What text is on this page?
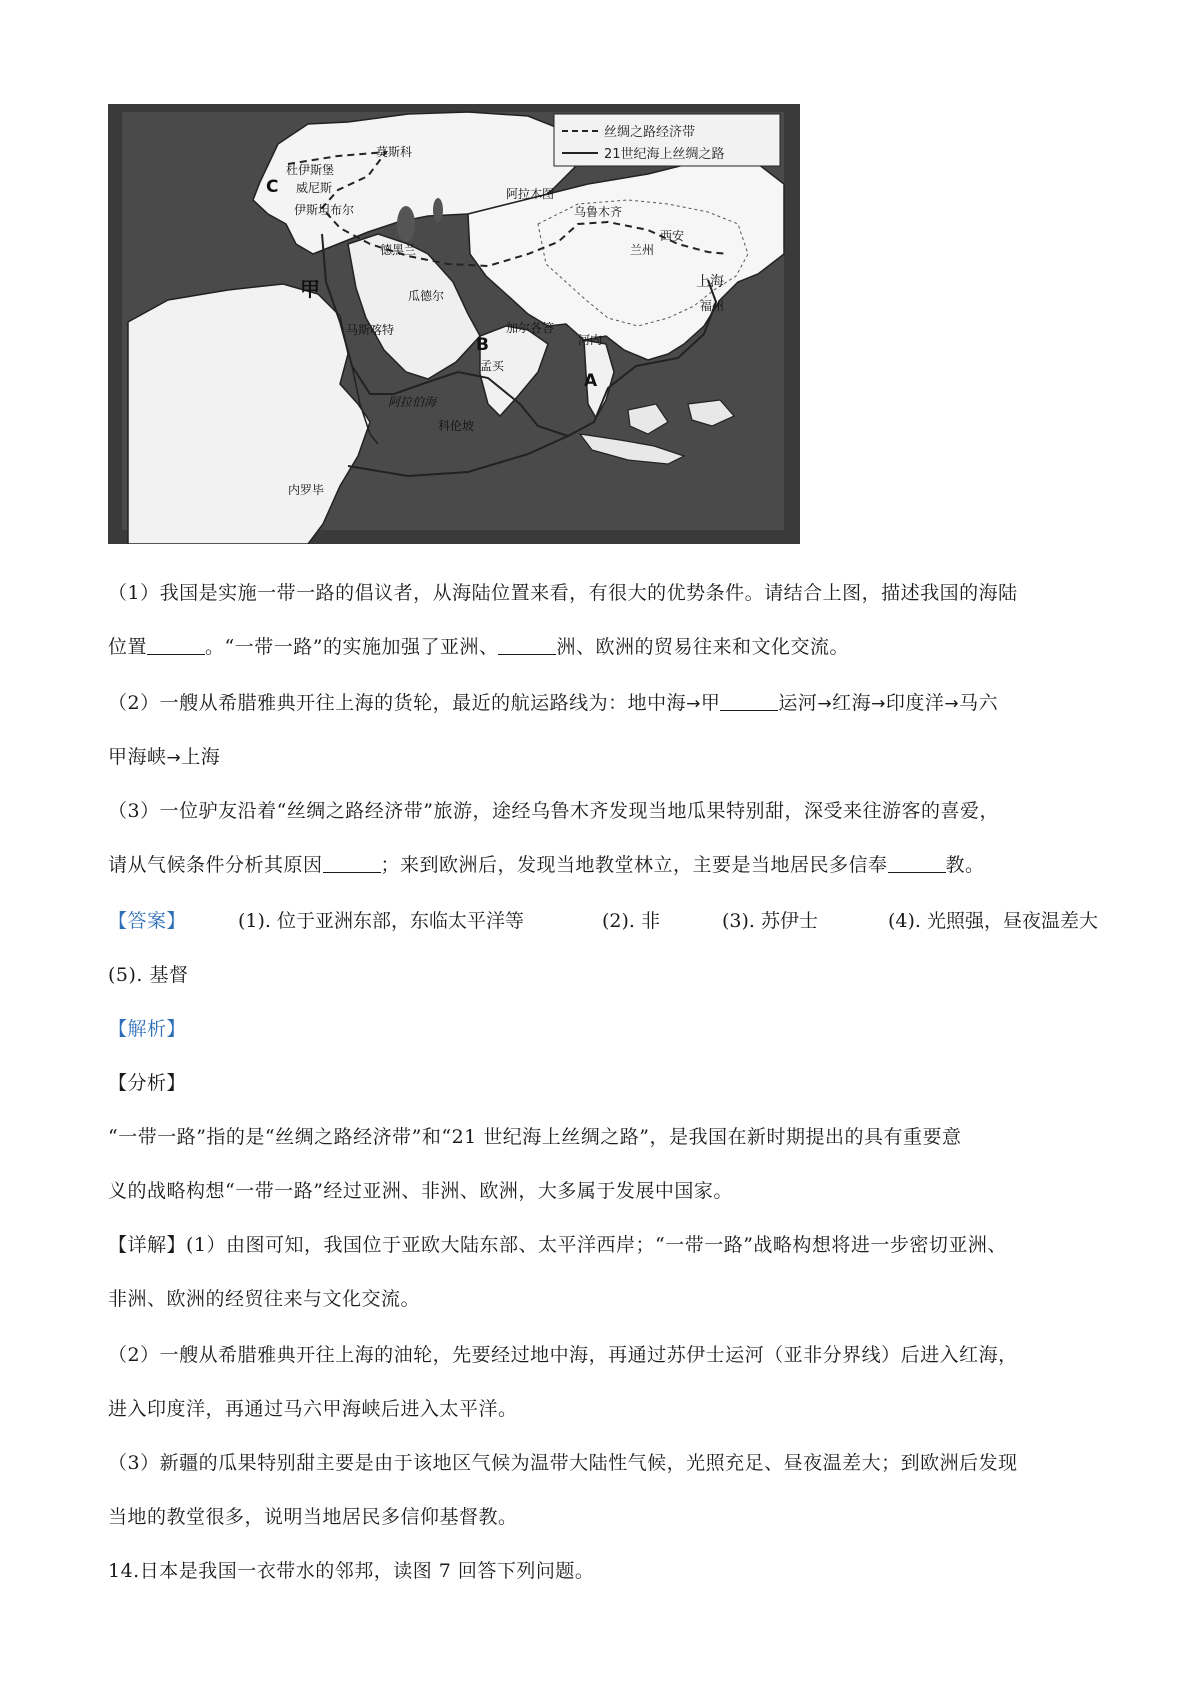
丝绸之路经济带
21世纪海上丝绸之路
莫斯科
杜伊斯堡
威尼斯
伊斯坦布尔
阿拉木图
乌鲁木齐
德黑兰	兰州
西安
上海
福州
瓜德尔
马斯喀特	加尔各答
河内
孟买
阿拉伯海
科伦坡
内罗毕
C
B
A
甲
（1）我国是实施一带一路的倡议者，从海陆位置来看，有很大的优势条件。请结合上图，描述我国的海陆
位置	。“一带一路”的实施加强了亚洲、	洲、欧洲的贸易往来和文化交流。
（2）一艘从希腊雅典开往上海的货轮，最近的航运路线为：地中海→甲	运河→红海→印度洋→马六
甲海峡→上海
（3）一位驴友沿着“丝绸之路经济带”旅游，途经乌鲁木齐发现当地瓜果特别甜，深受来往游客的喜爱，
请从气候条件分析其原因	；来到欧洲后，发现当地教堂林立，主要是当地居民多信奉	教。
【答案】	(1). 位于亚洲东部，东临太平洋等	(2). 非	(3). 苏伊士	(4). 光照强，昼夜温差大
(5). 基督
【解析】
【分析】
“一带一路”指的是“丝绸之路经济带”和“21 世纪海上丝绸之路”，是我国在新时期提出的具有重要意
义的战略构想“一带一路”经过亚洲、非洲、欧洲，大多属于发展中国家。
【详解】(1）由图可知，我国位于亚欧大陆东部、太平洋西岸；“一带一路”战略构想将进一步密切亚洲、
非洲、欧洲的经贸往来与文化交流。
（2）一艘从希腊雅典开往上海的油轮，先要经过地中海，再通过苏伊士运河（亚非分界线）后进入红海，
进入印度洋，再通过马六甲海峡后进入太平洋。
（3）新疆的瓜果特别甜主要是由于该地区气候为温带大陆性气候，光照充足、昼夜温差大；到欧洲后发现
当地的教堂很多，说明当地居民多信仰基督教。
14.日本是我国一衣带水的邻邦，读图 7 回答下列问题。
